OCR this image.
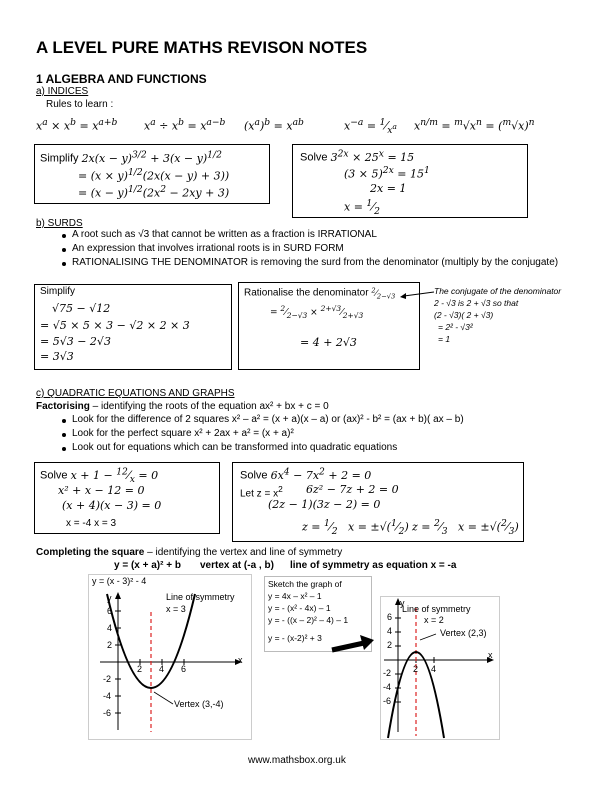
A LEVEL PURE MATHS REVISON NOTES
1 ALGEBRA AND FUNCTIONS
a) INDICES
Rules to learn :
$x^a \times x^b = x^{a+b}$ $x^a \div x^b = x^{a-b}$ $(x^a)^b = x^{ab}$	$x^{-a}$ = $^1⁄_{x^a}$ $x^{n/m} = ^m√x^n = (^m√x)^n$
Simplify $2x(x - y)^{3/2} + 3(x - y)^{1/2}$
= $(x \times y)^{1/2}(2x(x - y) + 3)$)
= $(x - y)^{1/2}(2x^2 - 2xy + 3)$
Solve $3^{2x} \times 25^x = 15$
$(3 \times 5)^{2x} = 15^1$
2x = 1
$x = ^1⁄_2$
b) SURDS
A root such as √3 that cannot be written as a fraction is IRRATIONAL
An expression that involves irrational roots is in SURD FORM
RATIONALISING THE DENOMINATOR is removing the surd from the denominator (multiply by the conjugate)
Simplify
√75 − √12
= √5 × 5 × 3 − √2 × 2 × 3
= 5√3 − 2√3
= 3√3
Rationalise the denominator $^2⁄_{2-√3}$
= $^2⁄_{2-√3}$ × $^{2+√3}⁄_{2+√3}$
= 4 + 2√3
The conjugate of the denominator
2 - √3 is 2 + √3 so that
(2 - √3)( 2 + √3)
= 2² - √3²
= 1
c) QUADRATIC EQUATIONS AND GRAPHS
Factorising – identifying the roots of the equation ax² + bx + c = 0
Look for the difference of 2 squares x² – a² = (x + a)(x – a) or (ax)² - b² = (ax + b)( ax – b)
Look for the perfect square x² + 2ax + a² = (x + a)²
Look out for equations which can be transformed into quadratic equations
Solve $x + 1 - ^{12}⁄_x = 0$
x² + x − 12 = 0
(x + 4)(x − 3) = 0
x = -4 x = 3
Solve $6x^4 - 7x^2 + 2 = 0$
Let $z = x^2$ 6z² − 7z + 2 = 0
(2z − 1)(3z − 2) = 0
$z = ^1⁄_2$ $x = \pm√(^1⁄_2) z$ = $^2⁄_3$ $x = \pm√(^2⁄_3)$
Completing the square – identifying the vertex and line of symmetry
y = (x + a)² + b vertex at (-a , b) line of symmetry as equation x = -a
y = (x - 3)² - 4
y
x
6
4
2
-2
-4
-6
2 4 6
Line of symmetry
x = 3
Vertex (3,-4)
Sketch the graph of
y = 4x – x² – 1
y = - (x² - 4x) – 1
y = - ((x – 2)² – 4) – 1
y = - (x-2)² + 3
y
x
6
4
2
-2
-4
-6
2 4
Line of symmetry
x = 2
Vertex (2,3)
www.mathsbox.org.uk
